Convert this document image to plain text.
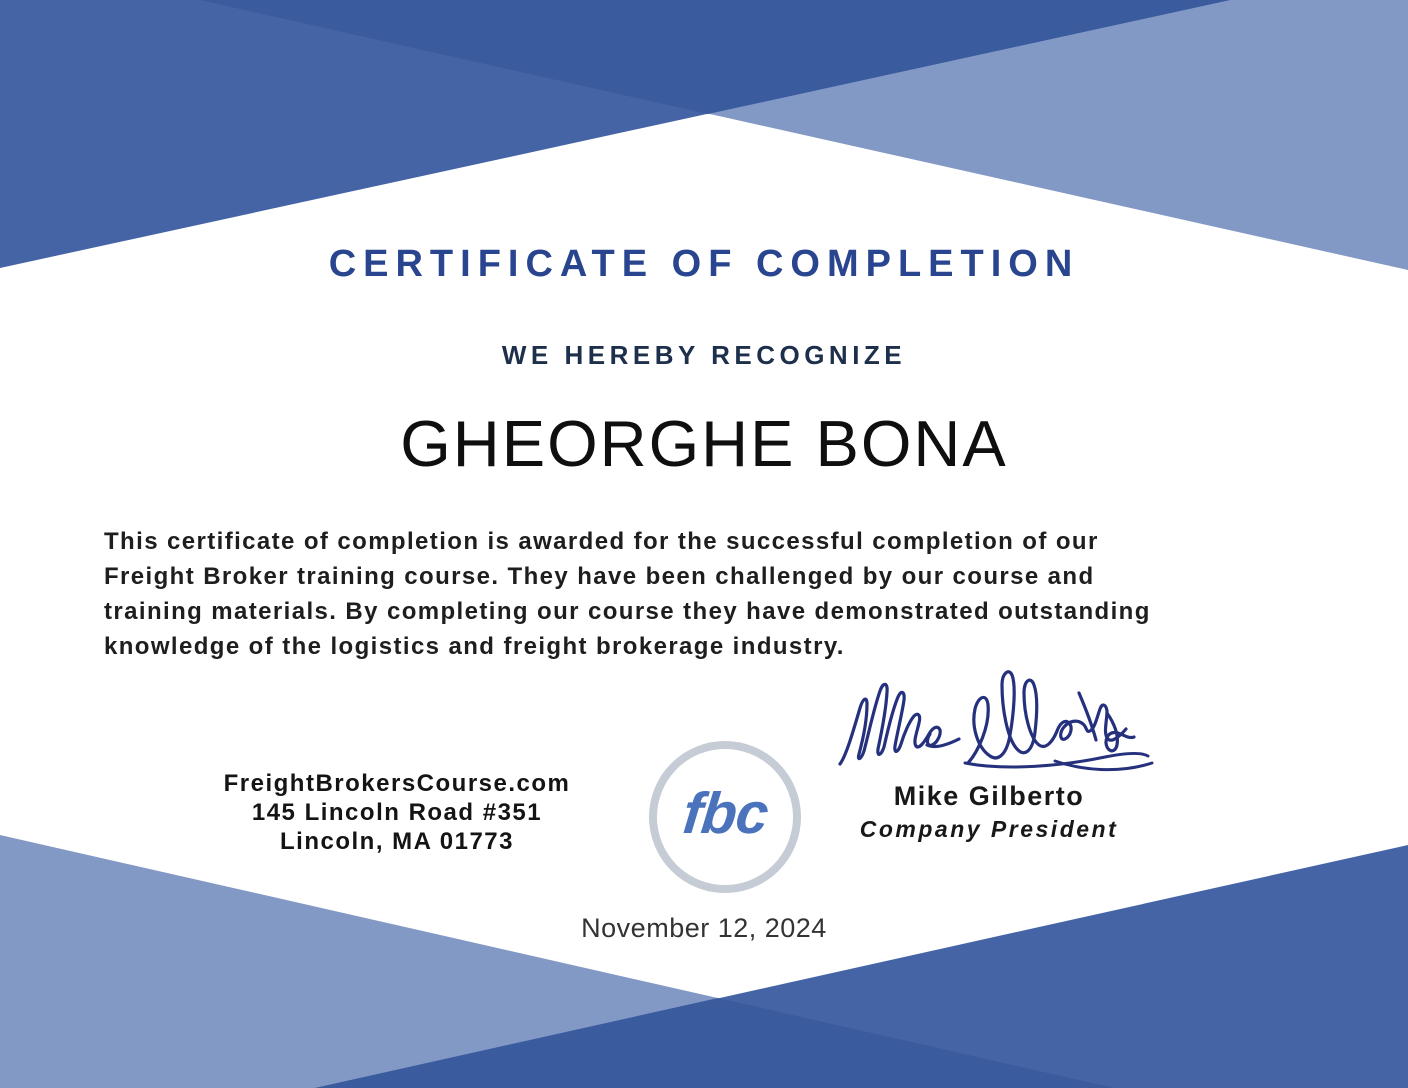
CERTIFICATE OF COMPLETION
WE HEREBY RECOGNIZE
GHEORGHE BONA
This certificate of completion is awarded for the successful completion of our
Freight Broker training course. They have been challenged by our course and
training materials. By completing our course they have demonstrated outstanding
knowledge of the logistics and freight brokerage industry.
FreightBrokersCourse.com
145 Lincoln Road #351
Lincoln, MA 01773	fbc	Mike Gilberto
Company President
November 12, 2024
